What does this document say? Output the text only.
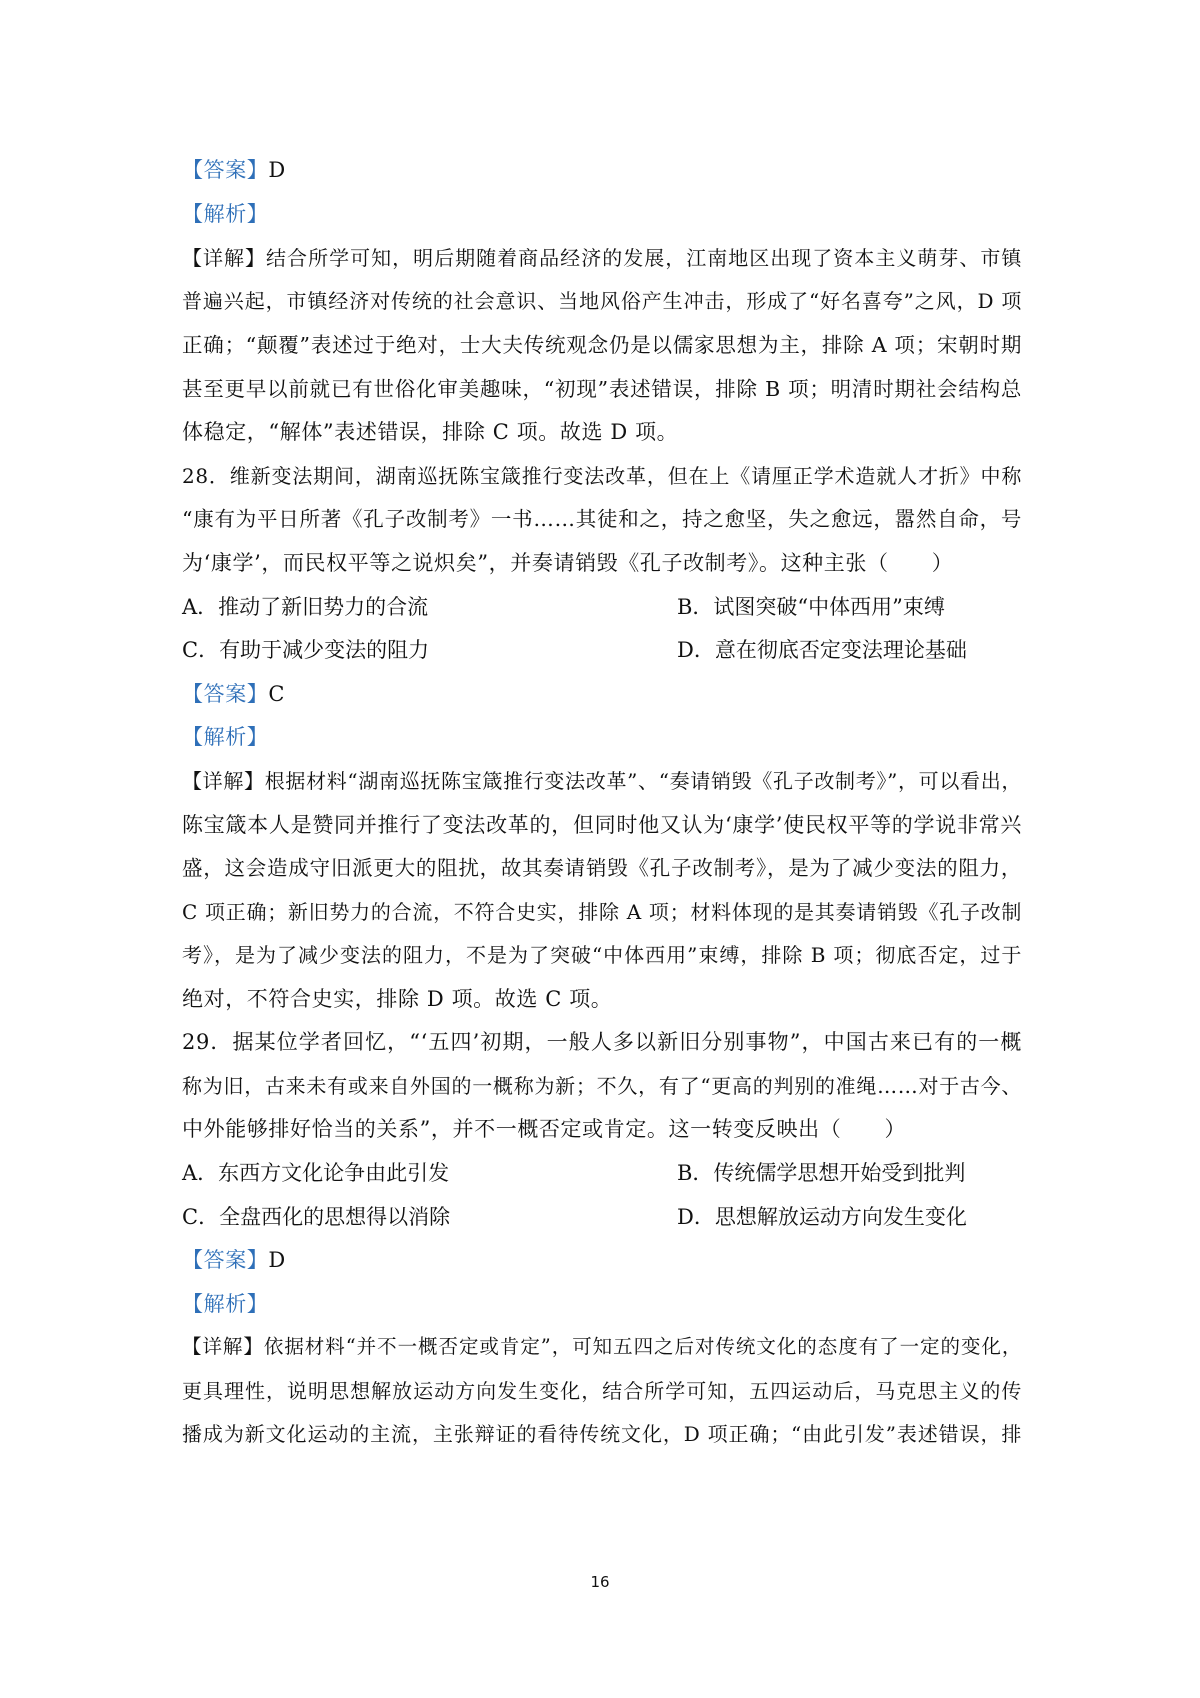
【答案】D
【解析】
【详解】结合所学可知，明后期随着商品经济的发展，江南地区出现了资本主义萌芽、市镇
普遍兴起，市镇经济对传统的社会意识、当地风俗产生冲击，形成了“好名喜夸”之风，D 项
正确；“颠覆”表述过于绝对，士大夫传统观念仍是以儒家思想为主，排除 A 项；宋朝时期
甚至更早以前就已有世俗化审美趣味，“初现”表述错误，排除 B 项；明清时期社会结构总
体稳定，“解体”表述错误，排除 C 项。故选 D 项。
28．维新变法期间，湖南巡抚陈宝箴推行变法改革，但在上《请厘正学术造就人才折》中称
“康有为平日所著《孔子改制考》一书……其徒和之，持之愈坚，失之愈远，嚣然自命，号
为‘康学’，而民权平等之说炽矣”，并奏请销毁《孔子改制考》。这种主张（　　）
A．推动了新旧势力的合流	B．试图突破“中体西用”束缚
C．有助于减少变法的阻力	D．意在彻底否定变法理论基础
【答案】C
【解析】
【详解】根据材料“湖南巡抚陈宝箴推行变法改革”、“奏请销毁《孔子改制考》”，可以看出，
陈宝箴本人是赞同并推行了变法改革的，但同时他又认为‘康学’使民权平等的学说非常兴
盛，这会造成守旧派更大的阻扰，故其奏请销毁《孔子改制考》，是为了减少变法的阻力，
C 项正确；新旧势力的合流，不符合史实，排除 A 项；材料体现的是其奏请销毁《孔子改制
考》，是为了减少变法的阻力，不是为了突破“中体西用”束缚，排除 B 项；彻底否定，过于
绝对，不符合史实，排除 D 项。故选 C 项。
29．据某位学者回忆，“‘五四’初期，一般人多以新旧分别事物”，中国古来已有的一概
称为旧，古来未有或来自外国的一概称为新；不久，有了“更高的判别的准绳……对于古今、
中外能够排好恰当的关系”，并不一概否定或肯定。这一转变反映出（　　）
A．东西方文化论争由此引发	B．传统儒学思想开始受到批判
C．全盘西化的思想得以消除	D．思想解放运动方向发生变化
【答案】D
【解析】
【详解】依据材料“并不一概否定或肯定”，可知五四之后对传统文化的态度有了一定的变化，
更具理性，说明思想解放运动方向发生变化，结合所学可知，五四运动后，马克思主义的传
播成为新文化运动的主流，主张辩证的看待传统文化，D 项正确；“由此引发”表述错误，排
16
